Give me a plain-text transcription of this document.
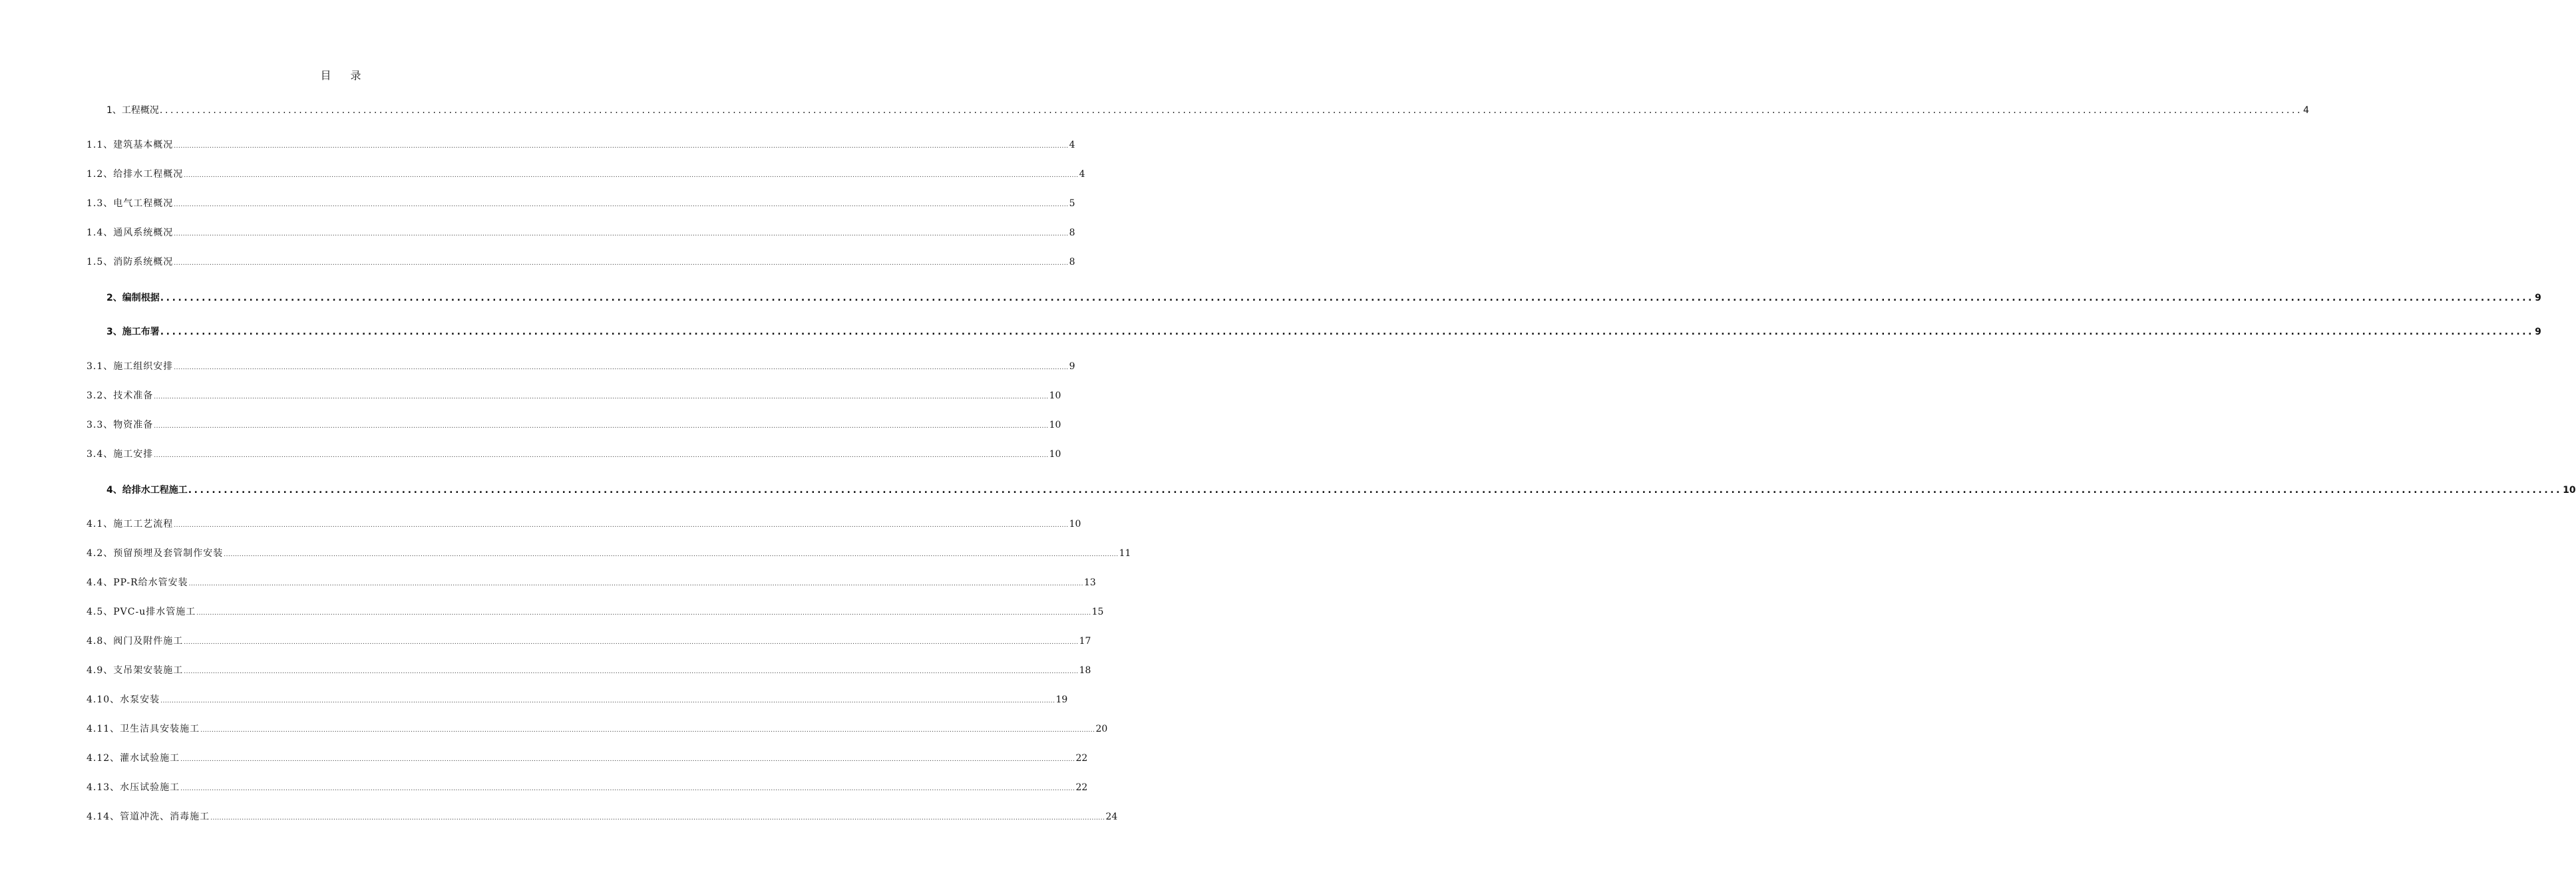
目 录
1、工程概况 ................................................................................................................................................................................................................................................................................................................................................................................................................ 4
1.1、建筑基本概况 ................................................................................................................................................................................................................................................................................................................................................................................................................ 4
1.2、给排水工程概况 ................................................................................................................................................................................................................................................................................................................................................................................................................ 4
1.3、电气工程概况 ................................................................................................................................................................................................................................................................................................................................................................................................................ 5
1.4、通风系统概况 ................................................................................................................................................................................................................................................................................................................................................................................................................ 8
1.5、消防系统概况 ................................................................................................................................................................................................................................................................................................................................................................................................................ 8
2、编制根据 ................................................................................................................................................................................................................................................................................................................................................................................................................ 9
3、施工布署 ................................................................................................................................................................................................................................................................................................................................................................................................................ 9
3.1、施工组织安排 ................................................................................................................................................................................................................................................................................................................................................................................................................ 9
3.2、技术准备 ................................................................................................................................................................................................................................................................................................................................................................................................................ 10
3.3、物资准备 ................................................................................................................................................................................................................................................................................................................................................................................................................ 10
3.4、施工安排 ................................................................................................................................................................................................................................................................................................................................................................................................................ 10
4、给排水工程施工 ................................................................................................................................................................................................................................................................................................................................................................................................................ 10
4.1、施工工艺流程 ................................................................................................................................................................................................................................................................................................................................................................................................................ 10
4.2、预留预埋及套管制作安装 ................................................................................................................................................................................................................................................................................................................................................................................................................ 11
4.4、PP-R给水管安装 ................................................................................................................................................................................................................................................................................................................................................................................................................ 13
4.5、PVC-u排水管施工 ................................................................................................................................................................................................................................................................................................................................................................................................................ 15
4.8、阀门及附件施工 ................................................................................................................................................................................................................................................................................................................................................................................................................ 17
4.9、支吊架安装施工 ................................................................................................................................................................................................................................................................................................................................................................................................................ 18
4.10、水泵安装 ................................................................................................................................................................................................................................................................................................................................................................................................................ 19
4.11、卫生洁具安装施工 ................................................................................................................................................................................................................................................................................................................................................................................................................ 20
4.12、灌水试验施工 ................................................................................................................................................................................................................................................................................................................................................................................................................ 22
4.13、水压试验施工 ................................................................................................................................................................................................................................................................................................................................................................................................................ 22
4.14、管道冲洗、消毒施工 ................................................................................................................................................................................................................................................................................................................................................................................................................ 24
